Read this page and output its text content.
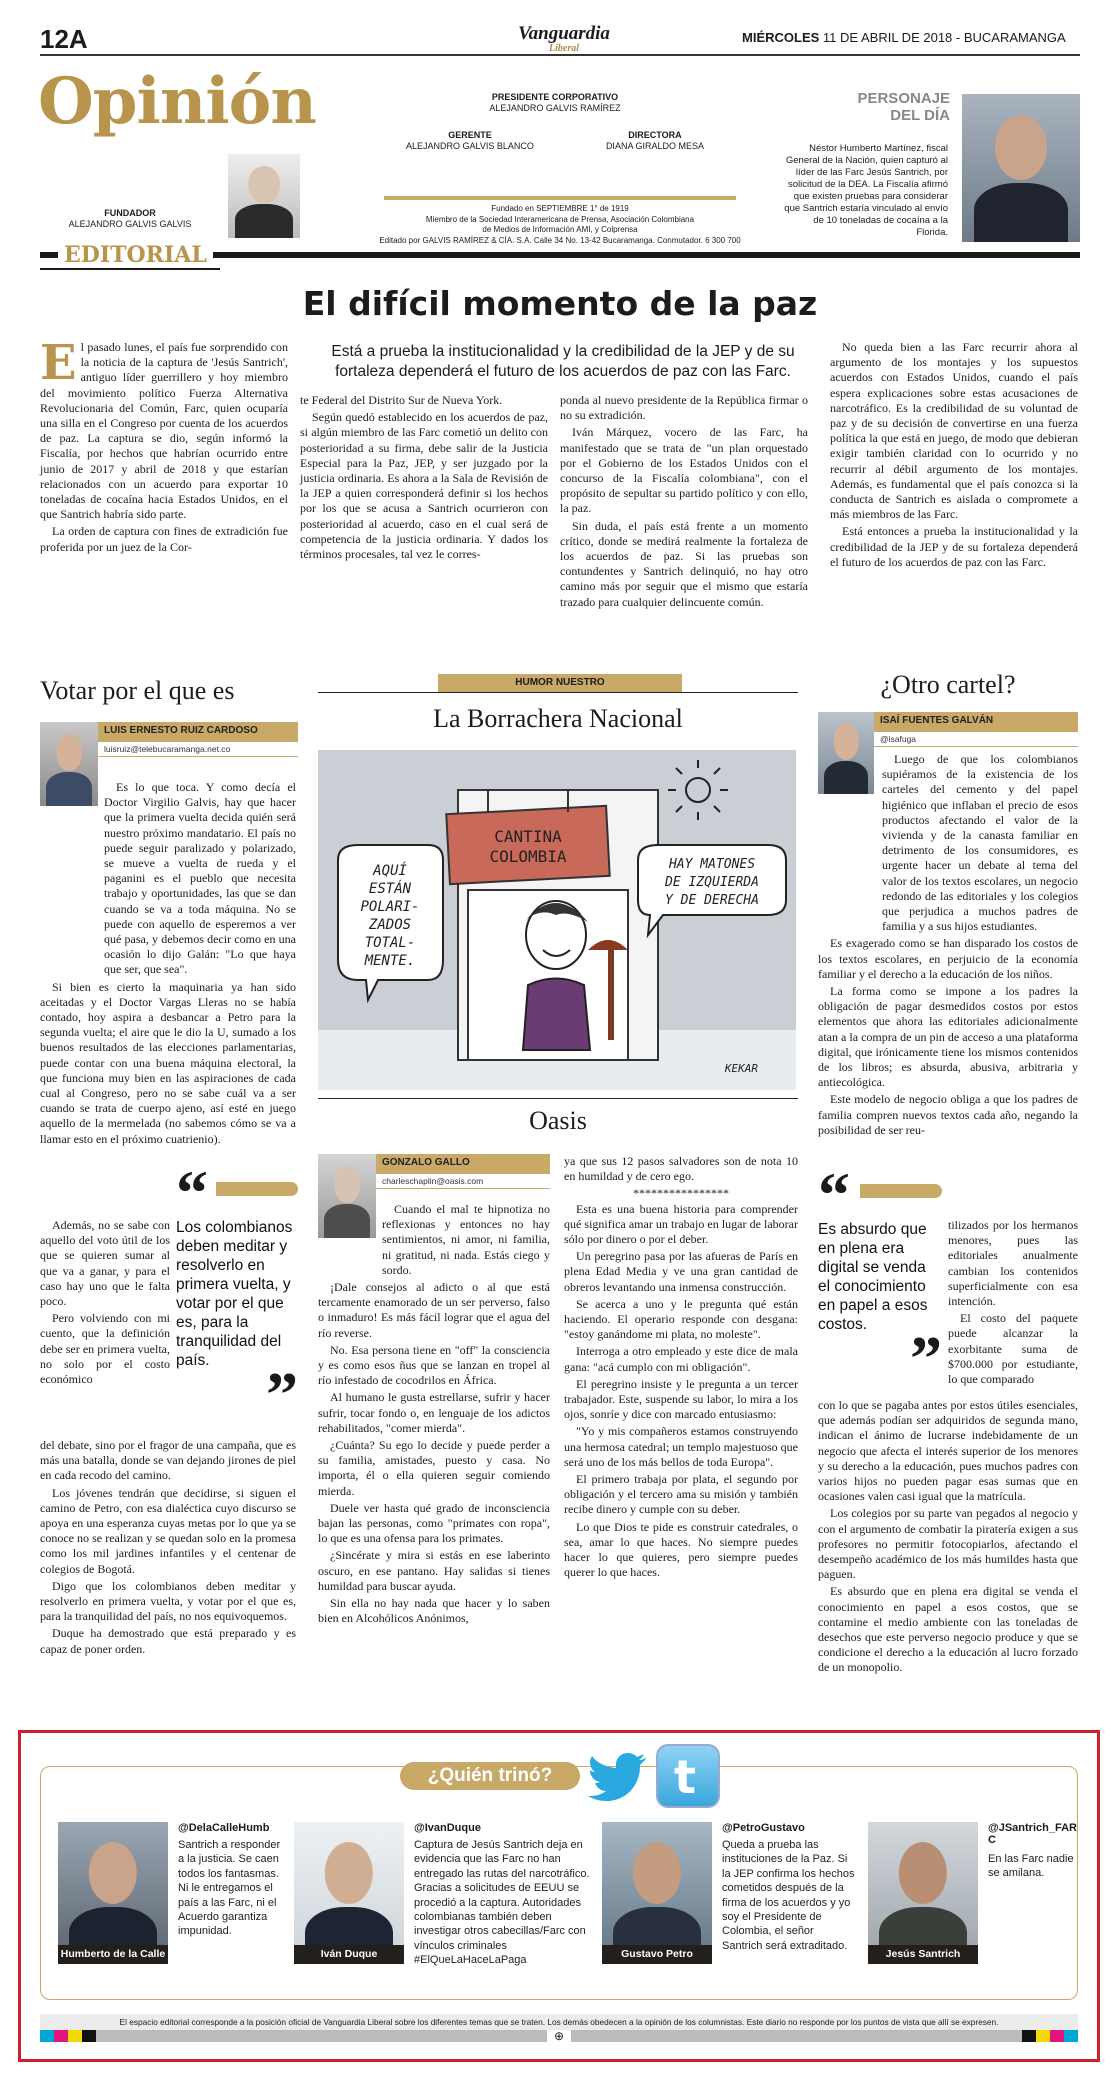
12A	Vanguardia
Liberal
MIÉRCOLES 11 DE ABRIL DE 2018 - BUCARAMANGA
Opinión
FUNDADOR
ALEJANDRO GALVIS GALVIS
PRESIDENTE CORPORATIVO
ALEJANDRO GALVIS RAMÍREZ
GERENTE
ALEJANDRO GALVIS BLANCO
DIRECTORA
DIANA GIRALDO MESA
Fundado en SEPTIEMBRE 1° de 1919
Miembro de la Sociedad Interamericana de Prensa, Asociación Colombiana
de Medios de Información AMI, y Colprensa
Editado por GALVIS RAMÍREZ & CÍA. S.A. Calle 34 No. 13-42 Bucaramanga. Conmutador. 6 300 700
PERSONAJE
DEL DÍA
Néstor Humberto Martínez, fiscal General de la Nación, quien capturó al líder de las Farc Jesús Santrich, por solicitud de la DEA. La Fiscalía afirmó que existen pruebas para considerar que Santrich estaría vinculado al envío de 10 toneladas de cocaína a la Florida.
EDITORIAL
El difícil momento de la paz
Está a prueba la institucionalidad y la credibilidad de la JEP y de su fortaleza dependerá el futuro de los acuerdos de paz con las Farc.
E l pasado lunes, el país fue sorprendido con la noticia de la captura de 'Jesús Santrich', antiguo líder guerrillero y hoy miembro del movimiento político Fuerza Alternativa Revolucionaria del Común, Farc, quien ocuparía una silla en el Congreso por cuenta de los acuerdos de paz. La captura se dio, según informó la Fiscalía, por hechos que habrían ocurrido entre junio de 2017 y abril de 2018 y que estarían relacionados con un acuerdo para exportar 10 toneladas de cocaína hacia Estados Unidos, en el que Santrich habría sido parte.

La orden de captura con fines de extradición fue proferida por un juez de la Cor-

te Federal del Distrito Sur de Nueva York.

Según quedó establecido en los acuerdos de paz, si algún miembro de las Farc cometió un delito con posterioridad a su firma, debe salir de la Justicia Especial para la Paz, JEP, y ser juzgado por la justicia ordinaria. Es ahora a la Sala de Revisión de la JEP a quien corresponderá definir si los hechos por los que se acusa a Santrich ocurrieron con posterioridad al acuerdo, caso en el cual será de competencia de la justicia ordinaria. Y dados los términos procesales, tal vez le corres-

ponda al nuevo presidente de la República firmar o no su extradición.

Iván Márquez, vocero de las Farc, ha manifestado que se trata de "un plan orquestado por el Gobierno de los Estados Unidos con el concurso de la Fiscalía colombiana", con el propósito de sepultar su partido político y con ello, la paz.

Sin duda, el país está frente a un momento crítico, donde se medirá realmente la fortaleza de los acuerdos de paz. Si las pruebas son contundentes y Santrich delinquió, no hay otro camino más por seguir que el mismo que estaría trazado para cualquier delincuente común.

No queda bien a las Farc recurrir ahora al argumento de los montajes y los supuestos acuerdos con Estados Unidos, cuando el país espera explicaciones sobre estas acusaciones de narcotráfico. Es la credibilidad de su voluntad de paz y de su decisión de convertirse en una fuerza política la que está en juego, de modo que debieran exigir también claridad con lo ocurrido y no recurrir al débil argumento de los montajes. Además, es fundamental que el país conozca si la conducta de Santrich es aislada o compromete a más miembros de las Farc.

Está entonces a prueba la institucionalidad y la credibilidad de la JEP y de su fortaleza dependerá el futuro de los acuerdos de paz con las Farc.

Votar por el que es
LUIS ERNESTO RUIZ CARDOSO
luisruiz@telebucaramanga.net.co

Es lo que toca. Y como decía el Doctor Virgilio Galvis, hay que hacer que la primera vuelta decida quién será nuestro próximo mandatario. El país no puede seguir paralizado y polarizado, se mueve a vuelta de rueda y el paganini es el pueblo que necesita trabajo y oportunidades, las que se dan cuando se va a toda máquina. No se puede con aquello de esperemos a ver qué pasa, y debemos decir como en una ocasión lo dijo Galán: "Lo que haya que ser, que sea".

Si bien es cierto la maquinaria ya han sido aceitadas y el Doctor Vargas Lleras no se había contado, hoy aspira a desbancar a Petro para la segunda vuelta; el aire que le dio la U, sumado a los buenos resultados de las elecciones parlamentarias, puede contar con una buena máquina electoral, la que funciona muy bien en las aspiraciones de cada cual al Congreso, pero no se sabe cuál va a ser cuando se trata de cuerpo ajeno, así esté en juego aquello de la mermelada (no sabemos cómo se va a llamar esto en el próximo cuatrienio).

Además, no se sabe con aquello del voto útil de los que se quieren sumar al que va a ganar, y para el caso hay uno que le falta poco.

Pero volviendo con mi cuento, que la definición debe ser en primera vuelta, no solo por el costo económico

“
Los colombianos deben meditar y resolverlo en primera vuelta, y votar por el que es, para la tranquilidad del país. ”

del debate, sino por el fragor de una campaña, que es más una batalla, donde se van dejando jirones de piel en cada recodo del camino.

Los jóvenes tendrán que decidirse, si siguen el camino de Petro, con esa dialéctica cuyo discurso se apoya en una esperanza cuyas metas por lo que ya se conoce no se realizan y se quedan solo en la promesa como los mil jardines infantiles y el centenar de colegios de Bogotá.

Digo que los colombianos deben meditar y resolverlo en primera vuelta, y votar por el que es, para la tranquilidad del país, no nos equivoquemos.

Duque ha demostrado que está preparado y es capaz de poner orden.

HUMOR NUESTRO
La Borrachera Nacional
CANTINA
COLOMBIA
AQUÍ
ESTÁN
POLARI-
ZADOS
TOTAL-
MENTE.
HAY MATONES
DE IZQUIERDA
Y DE DERECHA
KEKAR
Oasis
GONZALO GALLO
charleschaplin@oasis.com

Cuando el mal te hipnotiza no reflexionas y entonces no hay sentimientos, ni amor, ni familia, ni gratitud, ni nada. Estás ciego y sordo.

¡Dale consejos al adicto o al que está tercamente enamorado de un ser perverso, falso o inmaduro! Es más fácil lograr que el agua del río reverse.

No. Esa persona tiene en "off" la consciencia y es como esos ñus que se lanzan en tropel al río infestado de cocodrilos en África.

Al humano le gusta estrellarse, sufrir y hacer sufrir, tocar fondo o, en lenguaje de los adictos rehabilitados, "comer mierda".

¿Cuánta? Su ego lo decide y puede perder a su familia, amistades, puesto y casa. No importa, él o ella quieren seguir comiendo mierda.

Duele ver hasta qué grado de inconsciencia bajan las personas, como "primates con ropa", lo que es una ofensa para los primates.

¿Sincérate y mira si estás en ese laberinto oscuro, en ese pantano. Hay salidas si tienes humildad para buscar ayuda.

Sin ella no hay nada que hacer y lo saben bien en Alcohólicos Anónimos,

ya que sus 12 pasos salvadores son de nota 10 en humildad y de cero ego.

****************

Esta es una buena historia para comprender qué significa amar un trabajo en lugar de laborar sólo por dinero o por el deber.

Un peregrino pasa por las afueras de París en plena Edad Media y ve una gran cantidad de obreros levantando una inmensa construcción.

Se acerca a uno y le pregunta qué están haciendo. El operario responde con desgana: "estoy ganándome mi plata, no moleste".

Interroga a otro empleado y este dice de mala gana: "acá cumplo con mi obligación".

El peregrino insiste y le pregunta a un tercer trabajador. Este, suspende su labor, lo mira a los ojos, sonríe y dice con marcado entusiasmo:

"Yo y mis compañeros estamos construyendo una hermosa catedral; un templo majestuoso que será uno de los más bellos de toda Europa".

El primero trabaja por plata, el segundo por obligación y el tercero ama su misión y también recibe dinero y cumple con su deber.

Lo que Dios te pide es construir catedrales, o sea, amar lo que haces. No siempre puedes hacer lo que quieres, pero siempre puedes querer lo que haces.

¿Otro cartel?
ISAÍ FUENTES GALVÁN
@isafuga

Luego de que los colombianos supiéramos de la existencia de los carteles del cemento y del papel higiénico que inflaban el precio de esos productos afectando el valor de la vivienda y de la canasta familiar en detrimento de los consumidores, es urgente hacer un debate al tema del valor de los textos escolares, un negocio redondo de las editoriales y los colegios que perjudica a muchos padres de familia y a sus hijos estudiantes.

Es exagerado como se han disparado los costos de los textos escolares, en perjuicio de la economía familiar y el derecho a la educación de los niños.

La forma como se impone a los padres la obligación de pagar desmedidos costos por estos elementos que ahora las editoriales adicionalmente atan a la compra de un pin de acceso a una plataforma digital, que irónicamente tiene los mismos contenidos de los libros; es absurda, abusiva, arbitraria y antiecológica.

Este modelo de negocio obliga a que los padres de familia compren nuevos textos cada año, negando la posibilidad de ser reu-

“
Es absurdo que en plena era digital se venda el conocimiento en papel a esos costos. ”

tilizados por los hermanos menores, pues las editoriales anualmente cambian los contenidos superficialmente con esa intención.

El costo del paquete puede alcanzar la exorbitante suma de $700.000 por estudiante, lo que comparado

con lo que se pagaba antes por estos útiles esenciales, que además podían ser adquiridos de segunda mano, indican el ánimo de lucrarse indebidamente de un negocio que afecta el interés superior de los menores y su derecho a la educación, pues muchos padres con varios hijos no pueden pagar esas sumas que en ocasiones valen casi igual que la matrícula.

Los colegios por su parte van pegados al negocio y con el argumento de combatir la piratería exigen a sus profesores no permitir fotocopiarlos, afectando el desempeño académico de los más humildes hasta que paguen.

Es absurdo que en plena era digital se venda el conocimiento en papel a esos costos, que se contamine el medio ambiente con las toneladas de desechos que este perverso negocio produce y que se condicione el derecho a la educación al lucro forzado de un monopolio.

¿Quién trinó?	t
Humberto de la Calle
@DelaCalleHumb
Santrich a responder a la justicia. Se caen todos los fantasmas. Ni le entregamos el país a las Farc, ni el Acuerdo garantiza impunidad.
Iván Duque
@IvanDuque
Captura de Jesús Santrich deja en evidencia que las Farc no han entregado las rutas del narcotráfico. Gracias a solicitudes de EEUU se procedió a la captura. Autoridades colombianas también deben investigar otros cabecillas/Farc con vínculos criminales #ElQueLaHaceLaPaga
Gustavo Petro
@PetroGustavo
Queda a prueba las instituciones de la Paz. Si la JEP confirma los hechos cometidos después de la firma de los acuerdos y yo soy el Presidente de Colombia, el señor Santrich será extraditado.
Jesús Santrich
@JSantrich_FARC
En las Farc nadie se amilana.
El espacio editorial corresponde a la posición oficial de Vanguardia Liberal sobre los diferentes temas que se traten. Los demás obedecen a la opinión de los columnistas. Este diario no responde por los puntos de vista que allí se expresen.
⊕
